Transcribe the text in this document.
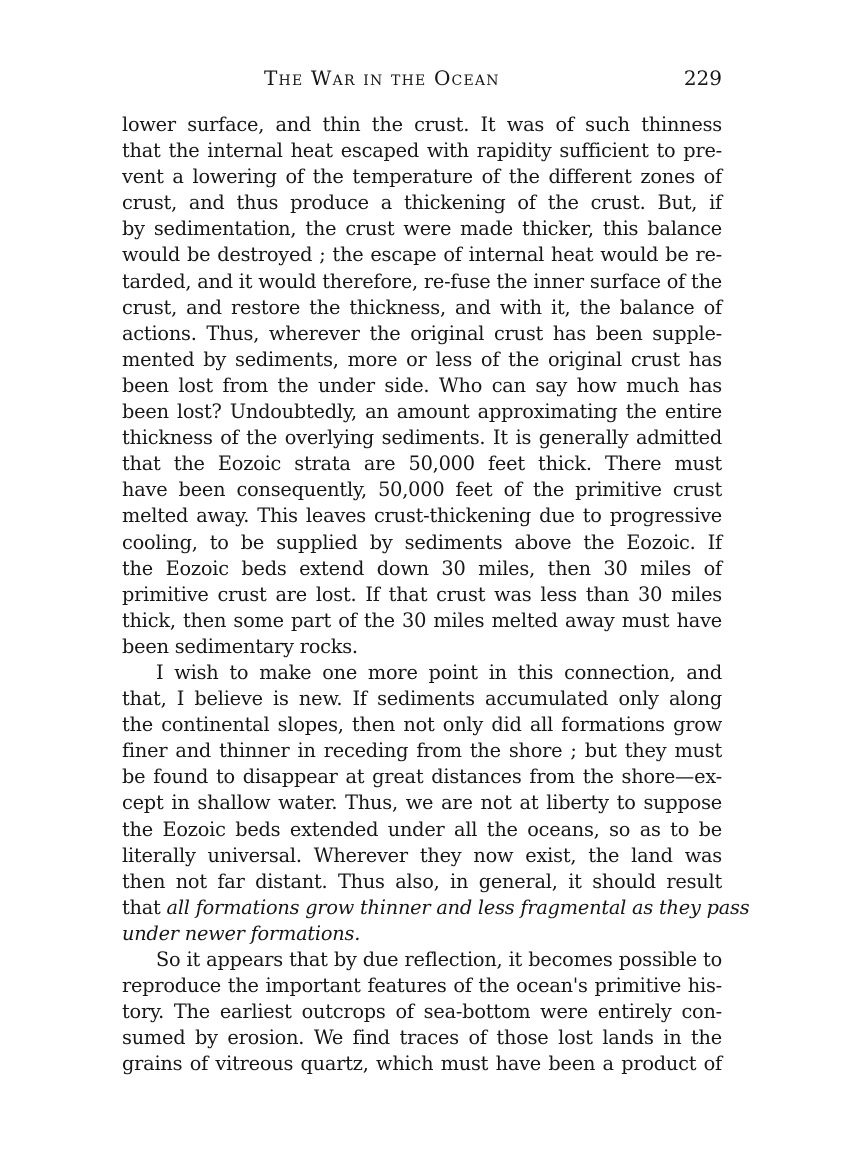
The War in the Ocean	229
lower surface, and thin the crust. It was of such thinness
that the internal heat escaped with rapidity sufficient to pre-
vent a lowering of the temperature of the different zones of
crust, and thus produce a thickening of the crust. But, if
by sedimentation, the crust were made thicker, this balance
would be destroyed ; the escape of internal heat would be re-
tarded, and it would therefore, re-fuse the inner surface of the
crust, and restore the thickness, and with it, the balance of
actions. Thus, wherever the original crust has been supple-
mented by sediments, more or less of the original crust has
been lost from the under side. Who can say how much has
been lost? Undoubtedly, an amount approximating the entire
thickness of the overlying sediments. It is generally admitted
that the Eozoic strata are 50,000 feet thick. There must
have been consequently, 50,000 feet of the primitive crust
melted away. This leaves crust-thickening due to progressive
cooling, to be supplied by sediments above the Eozoic. If
the Eozoic beds extend down 30 miles, then 30 miles of
primitive crust are lost. If that crust was less than 30 miles
thick, then some part of the 30 miles melted away must have
been sedimentary rocks.
I wish to make one more point in this connection, and
that, I believe is new. If sediments accumulated only along
the continental slopes, then not only did all formations grow
finer and thinner in receding from the shore ; but they must
be found to disappear at great distances from the shore—ex-
cept in shallow water. Thus, we are not at liberty to suppose
the Eozoic beds extended under all the oceans, so as to be
literally universal. Wherever they now exist, the land was
then not far distant. Thus also, in general, it should result
that all formations grow thinner and less fragmental as they pass
under newer formations.
So it appears that by due reflection, it becomes possible to
reproduce the important features of the ocean's primitive his-
tory. The earliest outcrops of sea-bottom were entirely con-
sumed by erosion. We find traces of those lost lands in the
grains of vitreous quartz, which must have been a product of
